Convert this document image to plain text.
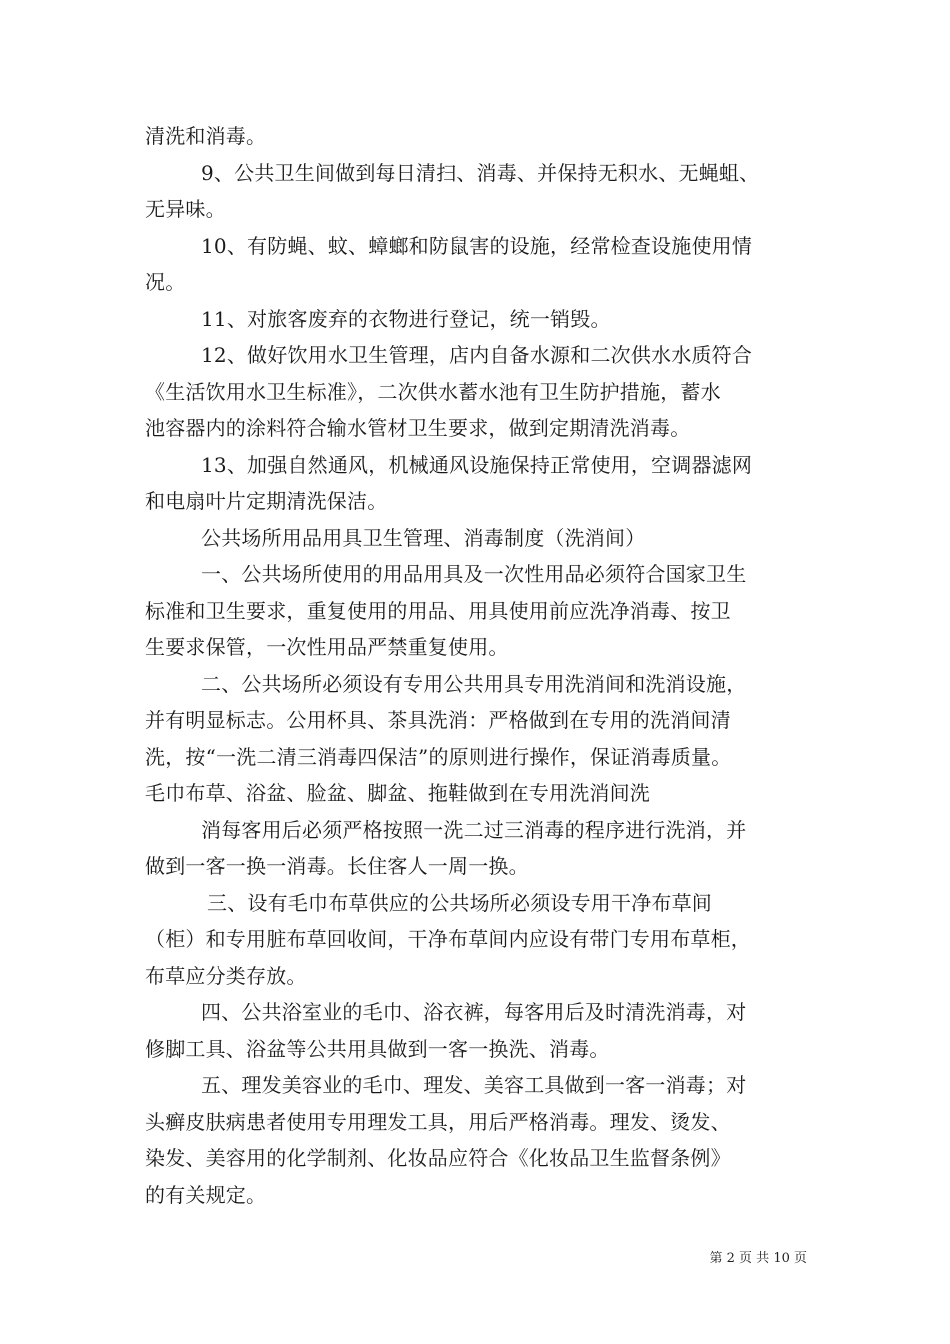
清洗和消毒。
9、公共卫生间做到每日清扫、消毒、并保持无积水、无蝇蛆、
无异味。
10、有防蝇、蚊、蟑螂和防鼠害的设施，经常检查设施使用情
况。
11、对旅客废弃的衣物进行登记，统一销毁。
12、做好饮用水卫生管理，店内自备水源和二次供水水质符合
《生活饮用水卫生标准》，二次供水蓄水池有卫生防护措施，蓄水
池容器内的涂料符合输水管材卫生要求，做到定期清洗消毒。
13、加强自然通风，机械通风设施保持正常使用，空调器滤网
和电扇叶片定期清洗保洁。
公共场所用品用具卫生管理、消毒制度（洗消间）
一、公共场所使用的用品用具及一次性用品必须符合国家卫生
标准和卫生要求，重复使用的用品、用具使用前应洗净消毒、按卫
生要求保管，一次性用品严禁重复使用。
二、公共场所必须设有专用公共用具专用洗消间和洗消设施，
并有明显标志。公用杯具、茶具洗消：严格做到在专用的洗消间清
洗，按“一洗二清三消毒四保洁”的原则进行操作，保证消毒质量。
毛巾布草、浴盆、脸盆、脚盆、拖鞋做到在专用洗消间洗
消每客用后必须严格按照一洗二过三消毒的程序进行洗消，并
做到一客一换一消毒。长住客人一周一换。
三、设有毛巾布草供应的公共场所必须设专用干净布草间
（柜）和专用脏布草回收间，干净布草间内应设有带门专用布草柜，
布草应分类存放。
四、公共浴室业的毛巾、浴衣裤，每客用后及时清洗消毒，对
修脚工具、浴盆等公共用具做到一客一换洗、消毒。
五、理发美容业的毛巾、理发、美容工具做到一客一消毒；对
头癣皮肤病患者使用专用理发工具，用后严格消毒。理发、烫发、
染发、美容用的化学制剂、化妆品应符合《化妆品卫生监督条例》
的有关规定。
第 2 页 共 10 页
